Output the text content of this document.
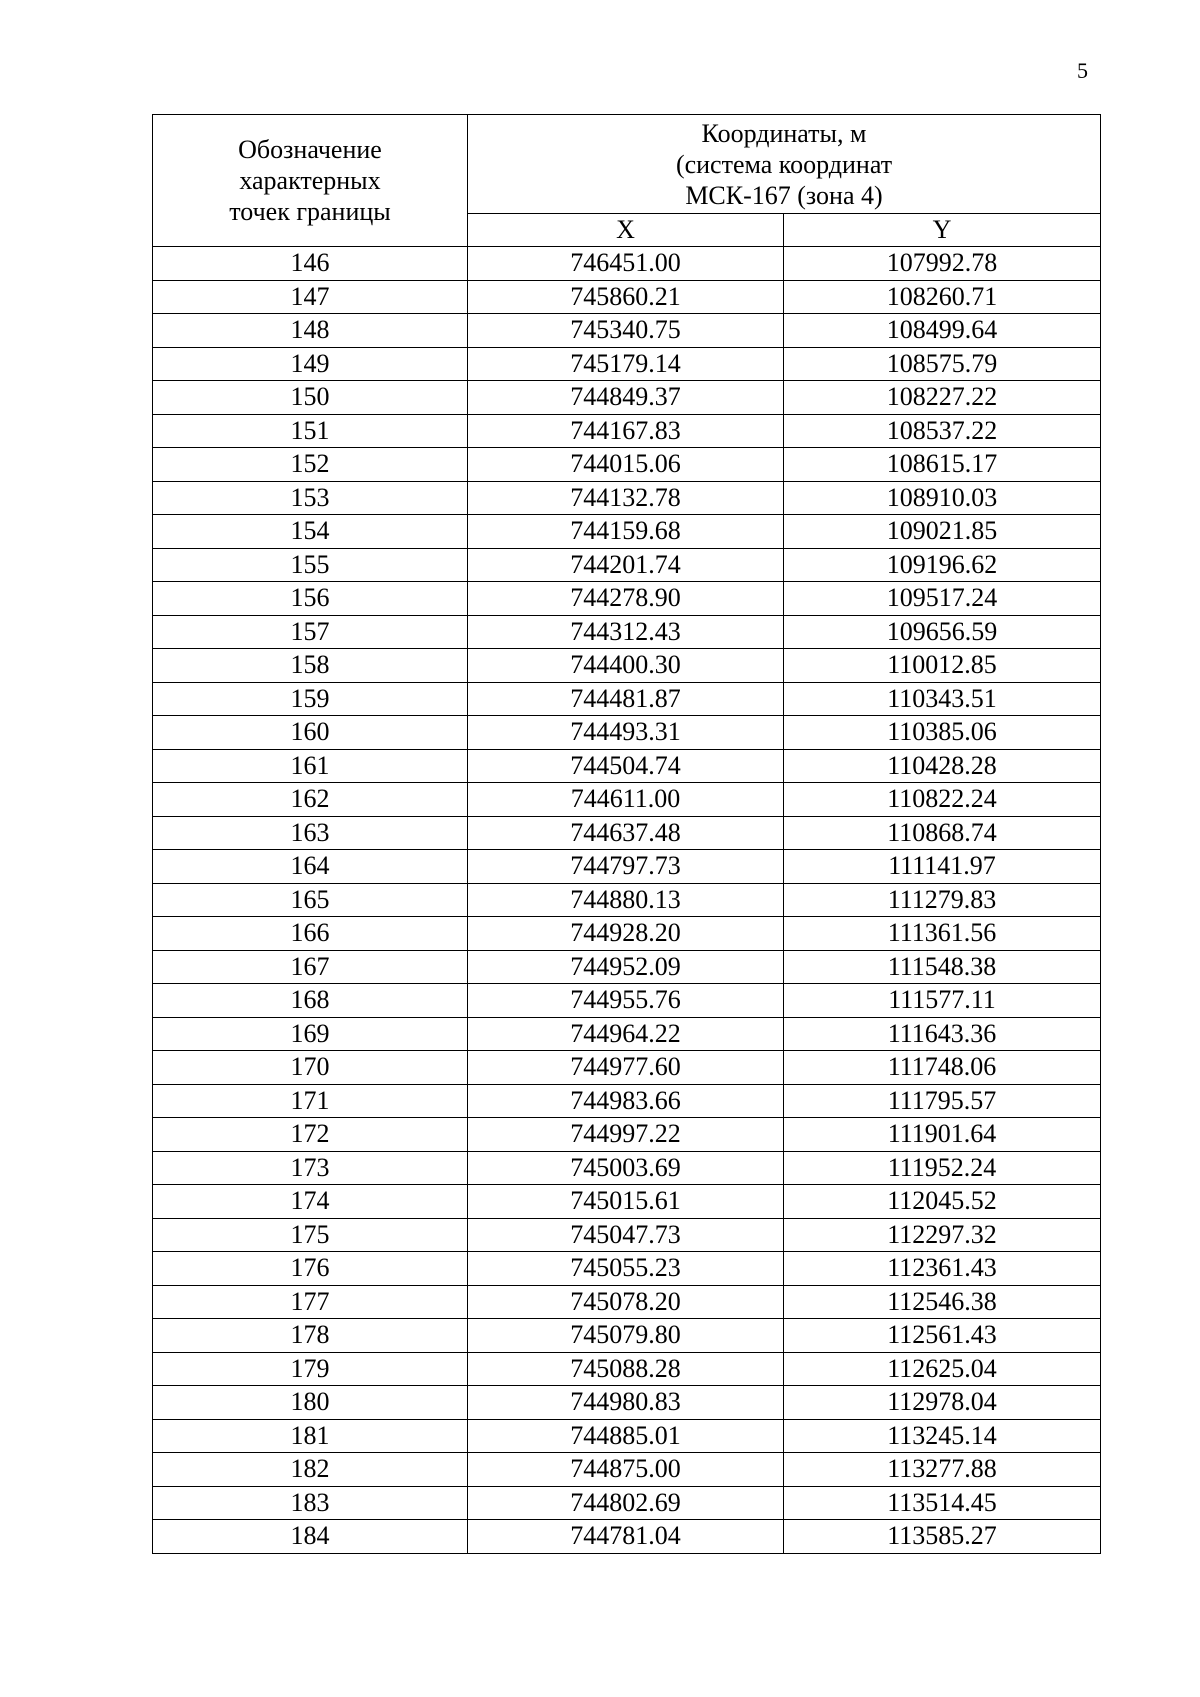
5
Обозначение
характерных
точек границы	Координаты, м
(система координат
МСК-167 (зона 4)	

	X	Y
146	746451.00	107992.78
147	745860.21	108260.71
148	745340.75	108499.64
149	745179.14	108575.79
150	744849.37	108227.22
151	744167.83	108537.22
152	744015.06	108615.17
153	744132.78	108910.03
154	744159.68	109021.85
155	744201.74	109196.62
156	744278.90	109517.24
157	744312.43	109656.59
158	744400.30	110012.85
159	744481.87	110343.51
160	744493.31	110385.06
161	744504.74	110428.28
162	744611.00	110822.24
163	744637.48	110868.74
164	744797.73	111141.97
165	744880.13	111279.83
166	744928.20	111361.56
167	744952.09	111548.38
168	744955.76	111577.11
169	744964.22	111643.36
170	744977.60	111748.06
171	744983.66	111795.57
172	744997.22	111901.64
173	745003.69	111952.24
174	745015.61	112045.52
175	745047.73	112297.32
176	745055.23	112361.43
177	745078.20	112546.38
178	745079.80	112561.43
179	745088.28	112625.04
180	744980.83	112978.04
181	744885.01	113245.14
182	744875.00	113277.88
183	744802.69	113514.45
184	744781.04	113585.27
